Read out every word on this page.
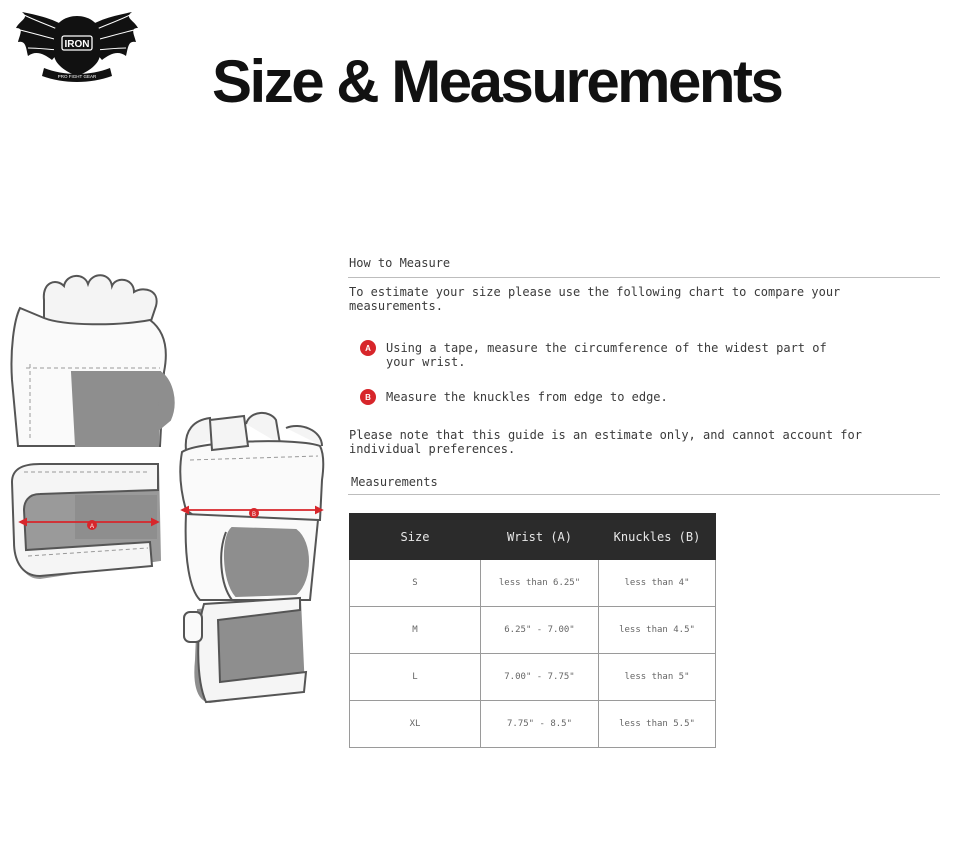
IRON
PRO FIGHT GEAR Size & Measurements
A
B
How to Measure
To estimate your size please use the following chart to compare your
measurements.
A	Using a tape, measure the circumference of the widest part of
your wrist.
B	Measure the knuckles from edge to edge.
Please note that this guide is an estimate only, and cannot account for
individual preferences.
Measurements
Size	Wrist (A)	Knuckles (B)
S	less than 6.25"	less than 4"
M	6.25" - 7.00"	less than 4.5"
L	7.00" - 7.75"	less than 5"
XL	7.75" - 8.5"	less than 5.5"
